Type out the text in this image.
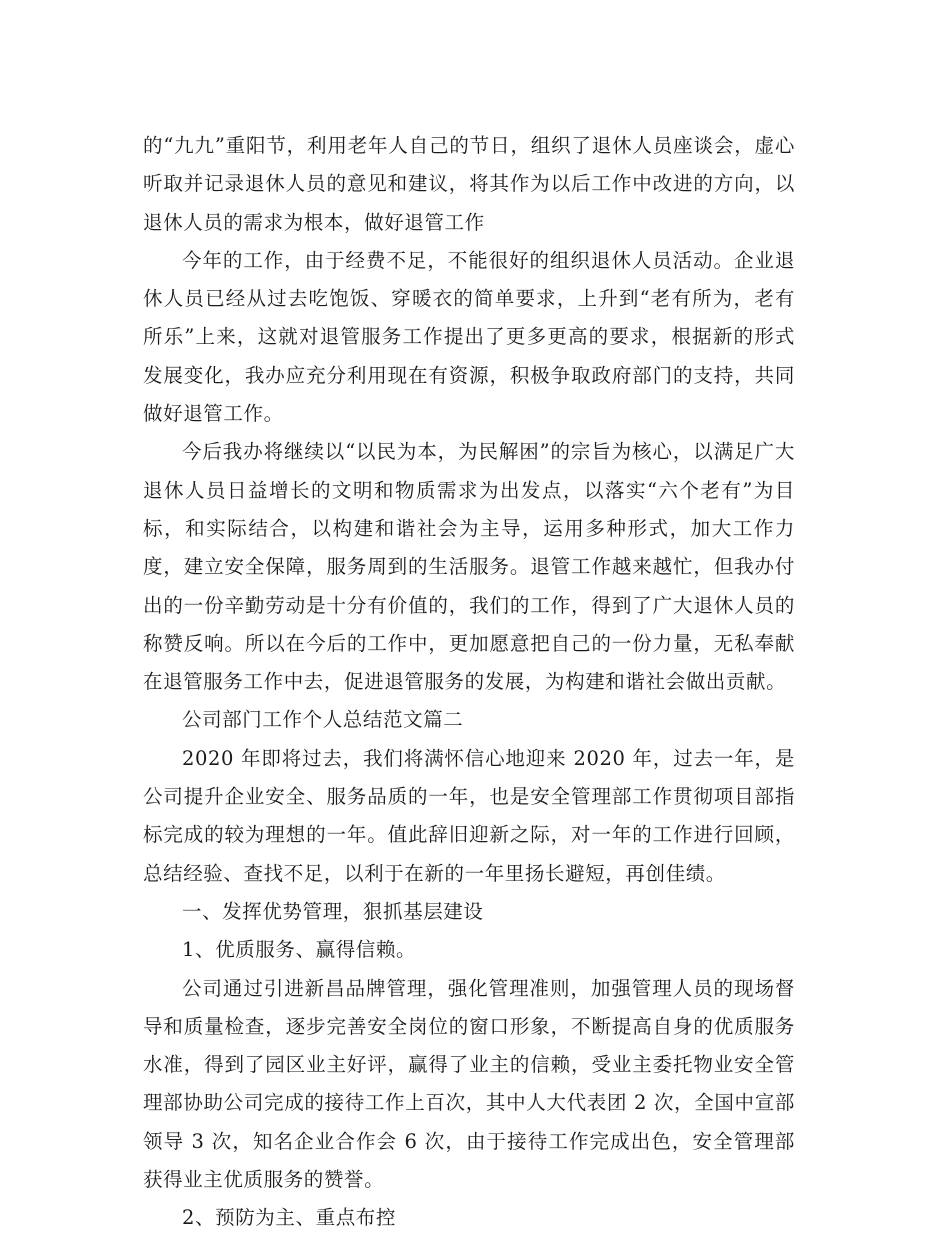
的“九九”重阳节，利用老年人自己的节日，组织了退休人员座谈会，虚心听取并记录退休人员的意见和建议，将其作为以后工作中改进的方向，以退休人员的需求为根本，做好退管工作

今年的工作，由于经费不足，不能很好的组织退休人员活动。企业退休人员已经从过去吃饱饭、穿暖衣的简单要求，上升到“老有所为，老有所乐”上来，这就对退管服务工作提出了更多更高的要求，根据新的形式发展变化，我办应充分利用现在有资源，积极争取政府部门的支持，共同做好退管工作。

今后我办将继续以“以民为本，为民解困”的宗旨为核心，以满足广大退休人员日益增长的文明和物质需求为出发点，以落实“六个老有”为目标，和实际结合，以构建和谐社会为主导，运用多种形式，加大工作力度，建立安全保障，服务周到的生活服务。退管工作越来越忙，但我办付出的一份辛勤劳动是十分有价值的，我们的工作，得到了广大退休人员的称赞反响。所以在今后的工作中，更加愿意把自己的一份力量，无私奉献在退管服务工作中去，促进退管服务的发展，为构建和谐社会做出贡献。

公司部门工作个人总结范文篇二

2020 年即将过去，我们将满怀信心地迎来 2020 年，过去一年，是公司提升企业安全、服务品质的一年，也是安全管理部工作贯彻项目部指标完成的较为理想的一年。值此辞旧迎新之际，对一年的工作进行回顾，总结经验、查找不足，以利于在新的一年里扬长避短，再创佳绩。

一、发挥优势管理，狠抓基层建设

1、优质服务、赢得信赖。

公司通过引进新昌品牌管理，强化管理准则，加强管理人员的现场督导和质量检查，逐步完善安全岗位的窗口形象，不断提高自身的优质服务水准，得到了园区业主好评，赢得了业主的信赖，受业主委托物业安全管理部协助公司完成的接待工作上百次，其中人大代表团 2 次，全国中宣部领导 3 次，知名企业合作会 6 次，由于接待工作完成出色，安全管理部获得业主优质服务的赞誉。

2、预防为主、重点布控
